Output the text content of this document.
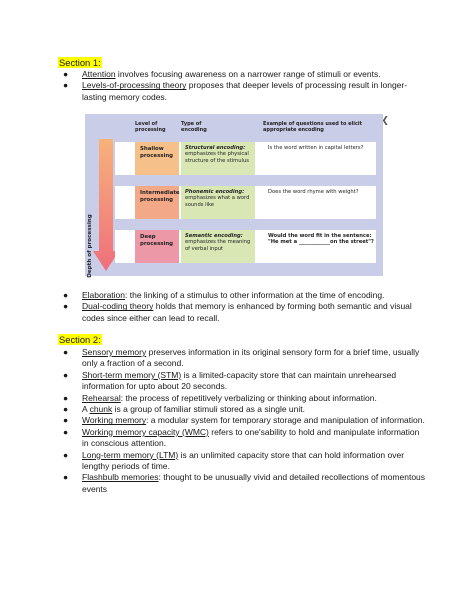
Section 1:
● Attention involves focusing awareness on a narrower range of stimuli or events.
● Levels-of-processing theory proposes that deeper levels of processing result in longer-lasting memory codes.
Level of processing
Type of encoding
Example of questions used to elicit appropriate encoding
Depth of processing
Shallow processing
Structural encoding: emphasizes the physical structure of the stimulus
Is the word written in capital letters?
Intermediate processing
Phonemic encoding: emphasizes what a word sounds like
Does the word rhyme with weight?
Deep processing
Semantic encoding: emphasizes the meaning of verbal input
Would the word fit in the sentence: "He met a ____________on the street"?
❮
● Elaboration: the linking of a stimulus to other information at the time of encoding.
● Dual-coding theory holds that memory is enhanced by forming both semantic and visual codes since either can lead to recall.
Section 2:
● Sensory memory preserves information in its original sensory form for a brief time, usually only a fraction of a second.
● Short-term memory (STM) is a limited-capacity store that can maintain unrehearsed information for upto about 20 seconds.
● Rehearsal: the process of repetitively verbalizing or thinking about information.
● A chunk is a group of familiar stimuli stored as a single unit.
● Working memory: a modular system for temporary storage and manipulation of information.
● Working memory capacity (WMC) refers to one'sability to hold and manipulate information in conscious attention.
● Long-term memory (LTM) is an unlimited capacity store that can hold information over lengthy periods of time.
● Flashbulb memories: thought to be unusually vivid and detailed recollections of momentous events
